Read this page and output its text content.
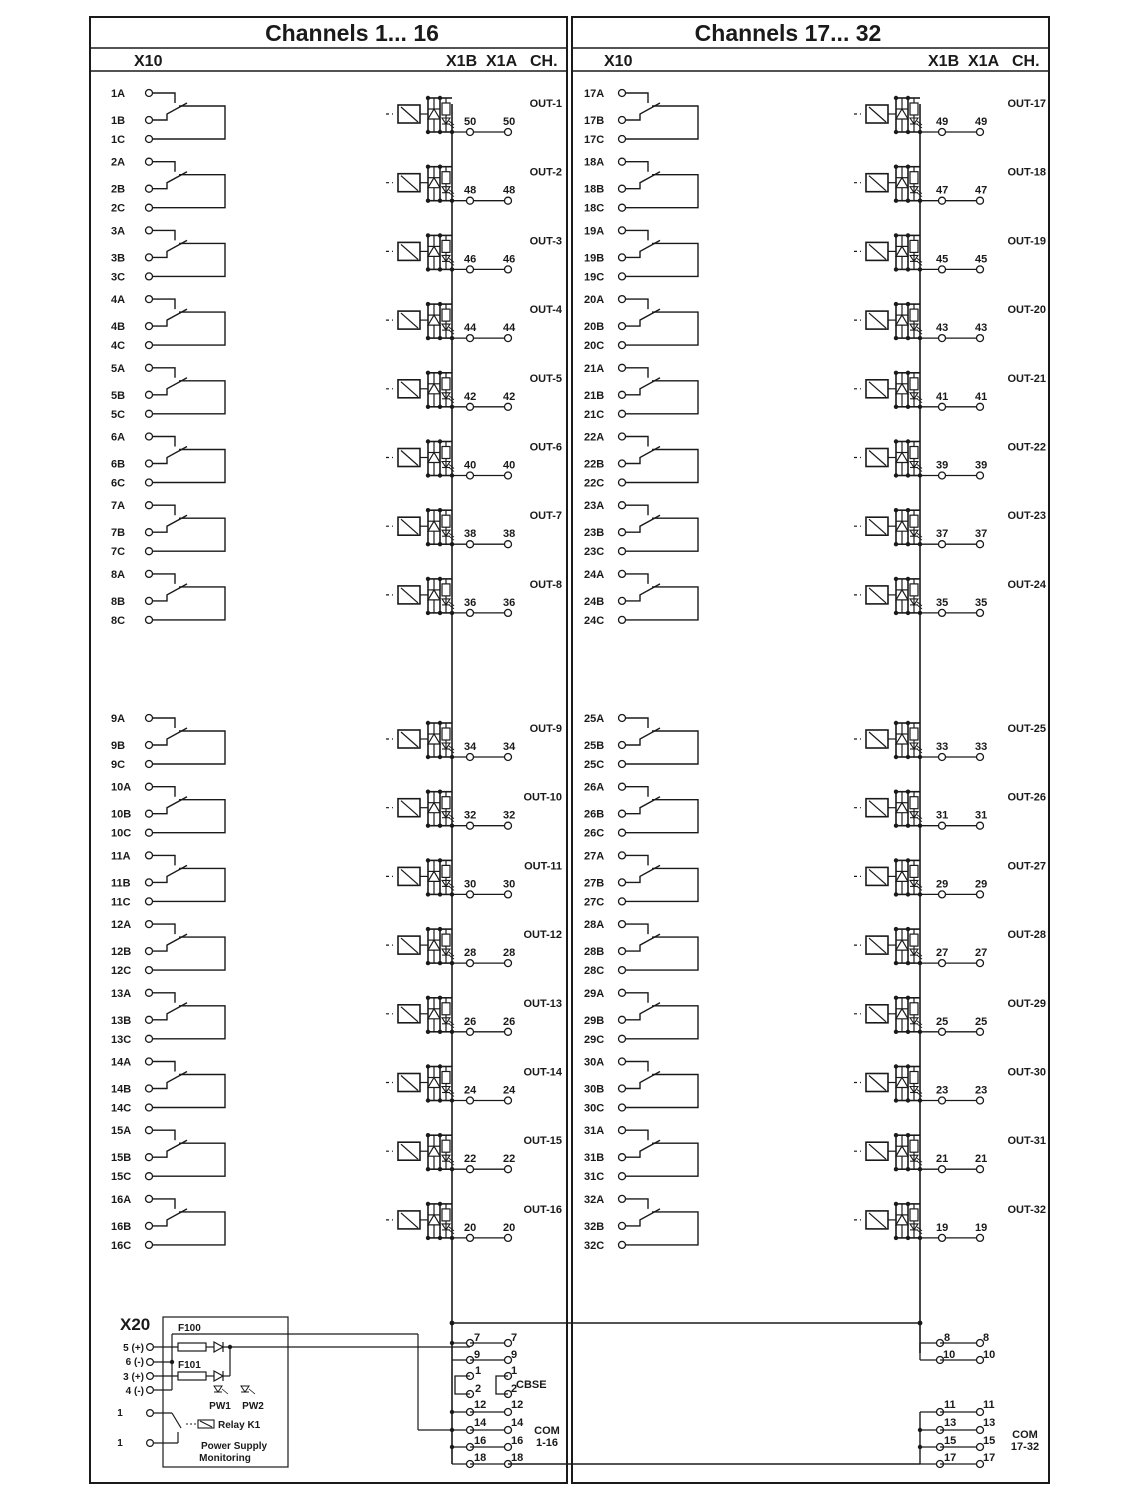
Channels 1... 16	Channels 17... 32
X10	X1B X1A CH.	X10	X1B X1A CH.
1A
1B
1C
50 50
OUT-1
2A
2B
2C
48 48
OUT-2
3A
3B
3C
46 46
OUT-3
4A
4B
4C
44 44
OUT-4
5A
5B
5C
42 42
OUT-5
6A
6B
6C
40 40
OUT-6
7A
7B
7C
38 38
OUT-7
8A
8B
8C
36 36
OUT-8
9A
9B
9C
34 34
OUT-9
10A
10B
10C
32 32
OUT-10
11A
11B
11C
30 30
OUT-11
12A
12B
12C
28 28
OUT-12
13A
13B
13C
26 26
OUT-13
14A
14B
14C
24 24
OUT-14
15A
15B
15C
22 22
OUT-15
16A
16B
16C
20 20
OUT-16
17A
17B
17C
49 49
OUT-17
18A
18B
18C
47 47
OUT-18
19A
19B
19C
45 45
OUT-19
20A
20B
20C
43 43
OUT-20
21A
21B
21C
41 41
OUT-21
22A
22B
22C
39 39
OUT-22
23A
23B
23C
37 37
OUT-23
24A
24B
24C
35 35
OUT-24
25A
25B
25C
33 33
OUT-25
26A
26B
26C
31 31
OUT-26
27A
27B
27C
29 29
OUT-27
28A
28B
28C
27 27
OUT-28
29A
29B
29C
25 25
OUT-29
30A
30B
30C
23 23
OUT-30
31A
31B
31C
21 21
OUT-31
32A
32B
32C
19 19
OUT-32
7	7
9	9
1	1
2	2
CBSE
12 12
14 14
16 16
18 18
COM
1-16
8	8
10	10
11 11
13 13
15 15
17 17
COM
17-32
X20	F100
F101
5 (+)
6 (-)
3 (+)
4 (-)
1
1
PW1 PW2
Relay K1
Power Supply
Monitoring
